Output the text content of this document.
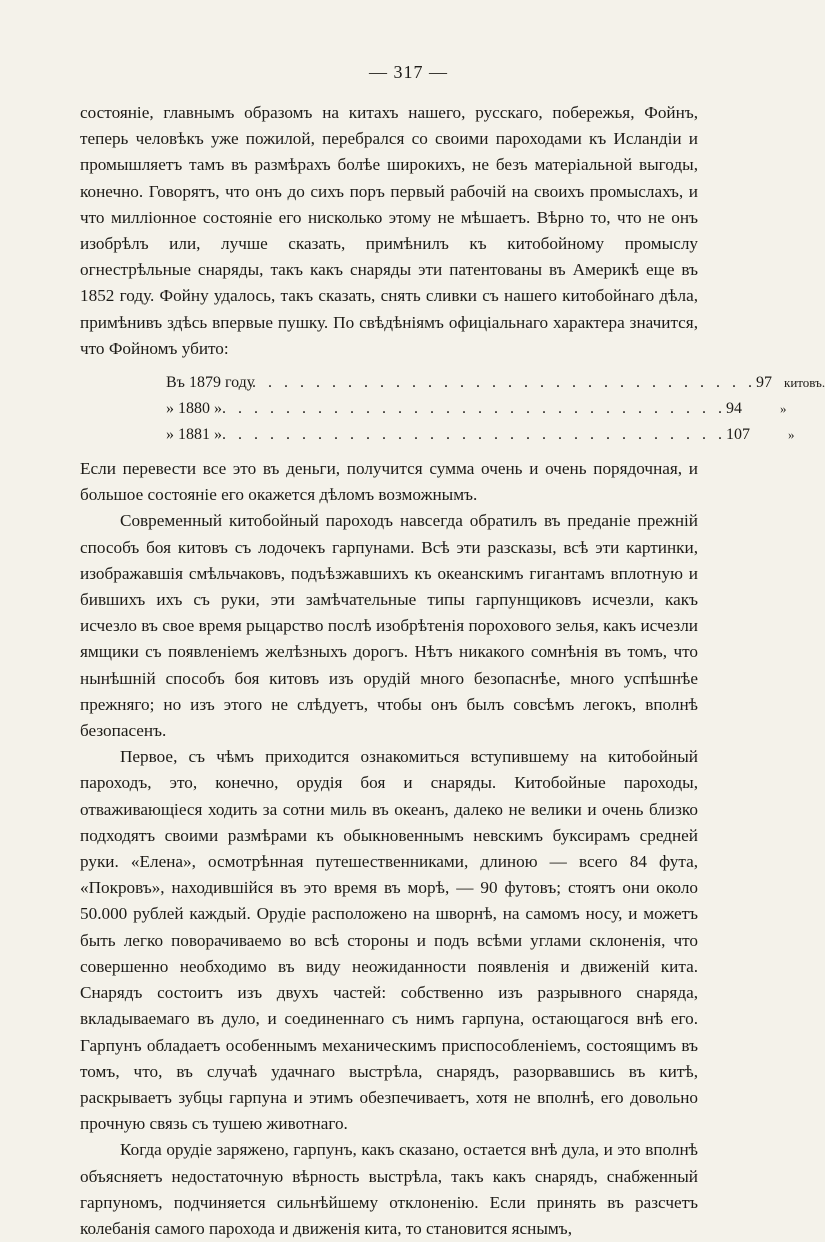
— 317 —

состояніе, главнымъ образомъ на китахъ нашего, русскаго, побережья, Фойнъ, теперь человѣкъ уже пожилой, перебрался со своими пароходами къ Исландіи и промышляетъ тамъ въ размѣрахъ болѣе широкихъ, не безъ матеріальной выгоды, конечно. Говорятъ, что онъ до сихъ поръ первый рабочій на своихъ промыслахъ, и что милліонное состояніе его нисколько этому не мѣшаетъ. Вѣрно то, что не онъ изобрѣлъ или, лучше сказать, примѣнилъ къ китобойному промыслу огнестрѣльные снаряды, такъ какъ снаряды эти патентованы въ Америкѣ еще въ 1852 году. Фойну удалось, такъ сказать, снять сливки съ нашего китобойнаго дѣла, примѣнивъ здѣсь впервые пушку. По свѣдѣніямъ офиціальнаго характера значится, что Фойномъ убито:

Въ 1879 году
. . . . . . . . . . . . . . . . . . . . . . . . . . . . . . . . 97 китовъ.
» 1880 » . . . . . . . . . . . . . . . . . . . . . . . . . . . . . . . . 94	»
» 1881 » . . . . . . . . . . . . . . . . . . . . . . . . . . . . . . . . 107	»

Если перевести все это въ деньги, получится сумма очень и очень порядочная, и большое состояніе его окажется дѣломъ возможнымъ.

Современный китобойный пароходъ навсегда обратилъ въ преданіе прежній способъ боя китовъ съ лодочекъ гарпунами. Всѣ эти разсказы, всѣ эти картинки, изображавшія смѣльчаковъ, подъѣзжавшихъ къ океанскимъ гигантамъ вплотную и бившихъ ихъ съ руки, эти замѣчательные типы гарпунщиковъ исчезли, какъ исчезло въ свое время рыцарство послѣ изобрѣтенія порохового зелья, какъ исчезли ямщики съ появленіемъ желѣзныхъ дорогъ. Нѣтъ никакого сомнѣнія въ томъ, что нынѣшній способъ боя китовъ изъ орудій много безопаснѣе, много успѣшнѣе прежняго; но изъ этого не слѣдуетъ, чтобы онъ былъ совсѣмъ легокъ, вполнѣ безопасенъ.

Первое, съ чѣмъ приходится ознакомиться вступившему на китобойный пароходъ, это, конечно, орудія боя и снаряды. Китобойные пароходы, отваживающіеся ходить за сотни миль въ океанъ, далеко не велики и очень близко подходятъ своими размѣрами къ обыкновеннымъ невскимъ буксирамъ средней руки. «Елена», осмотрѣнная путешественниками, длиною — всего 84 фута, «Покровъ», находившійся въ это время въ морѣ, — 90 футовъ; стоятъ они около 50.000 рублей каждый. Орудіе расположено на шворнѣ, на самомъ носу, и можетъ быть легко поворачиваемо во всѣ стороны и подъ всѣми углами склоненія, что совершенно необходимо въ виду неожиданности появленія и движеній кита. Снарядъ состоитъ изъ двухъ частей: собственно изъ разрывного снаряда, вкладываемаго въ дуло, и соединеннаго съ нимъ гарпуна, остающагося внѣ его. Гарпунъ обладаетъ особеннымъ механическимъ приспособленіемъ, состоящимъ въ томъ, что, въ случаѣ удачнаго выстрѣла, снарядъ, разорвавшись въ китѣ, раскрываетъ зубцы гарпуна и этимъ обезпечиваетъ, хотя не вполнѣ, его довольно прочную связь съ тушею животнаго.

Когда орудіе заряжено, гарпунъ, какъ сказано, остается внѣ дула, и это вполнѣ объясняетъ недостаточную вѣрность выстрѣла, такъ какъ снарядъ, снабженный гарпуномъ, подчиняется сильнѣйшему отклоненію. Если принять въ разсчетъ колебанія самого парохода и движенія кита, то становится яснымъ,
